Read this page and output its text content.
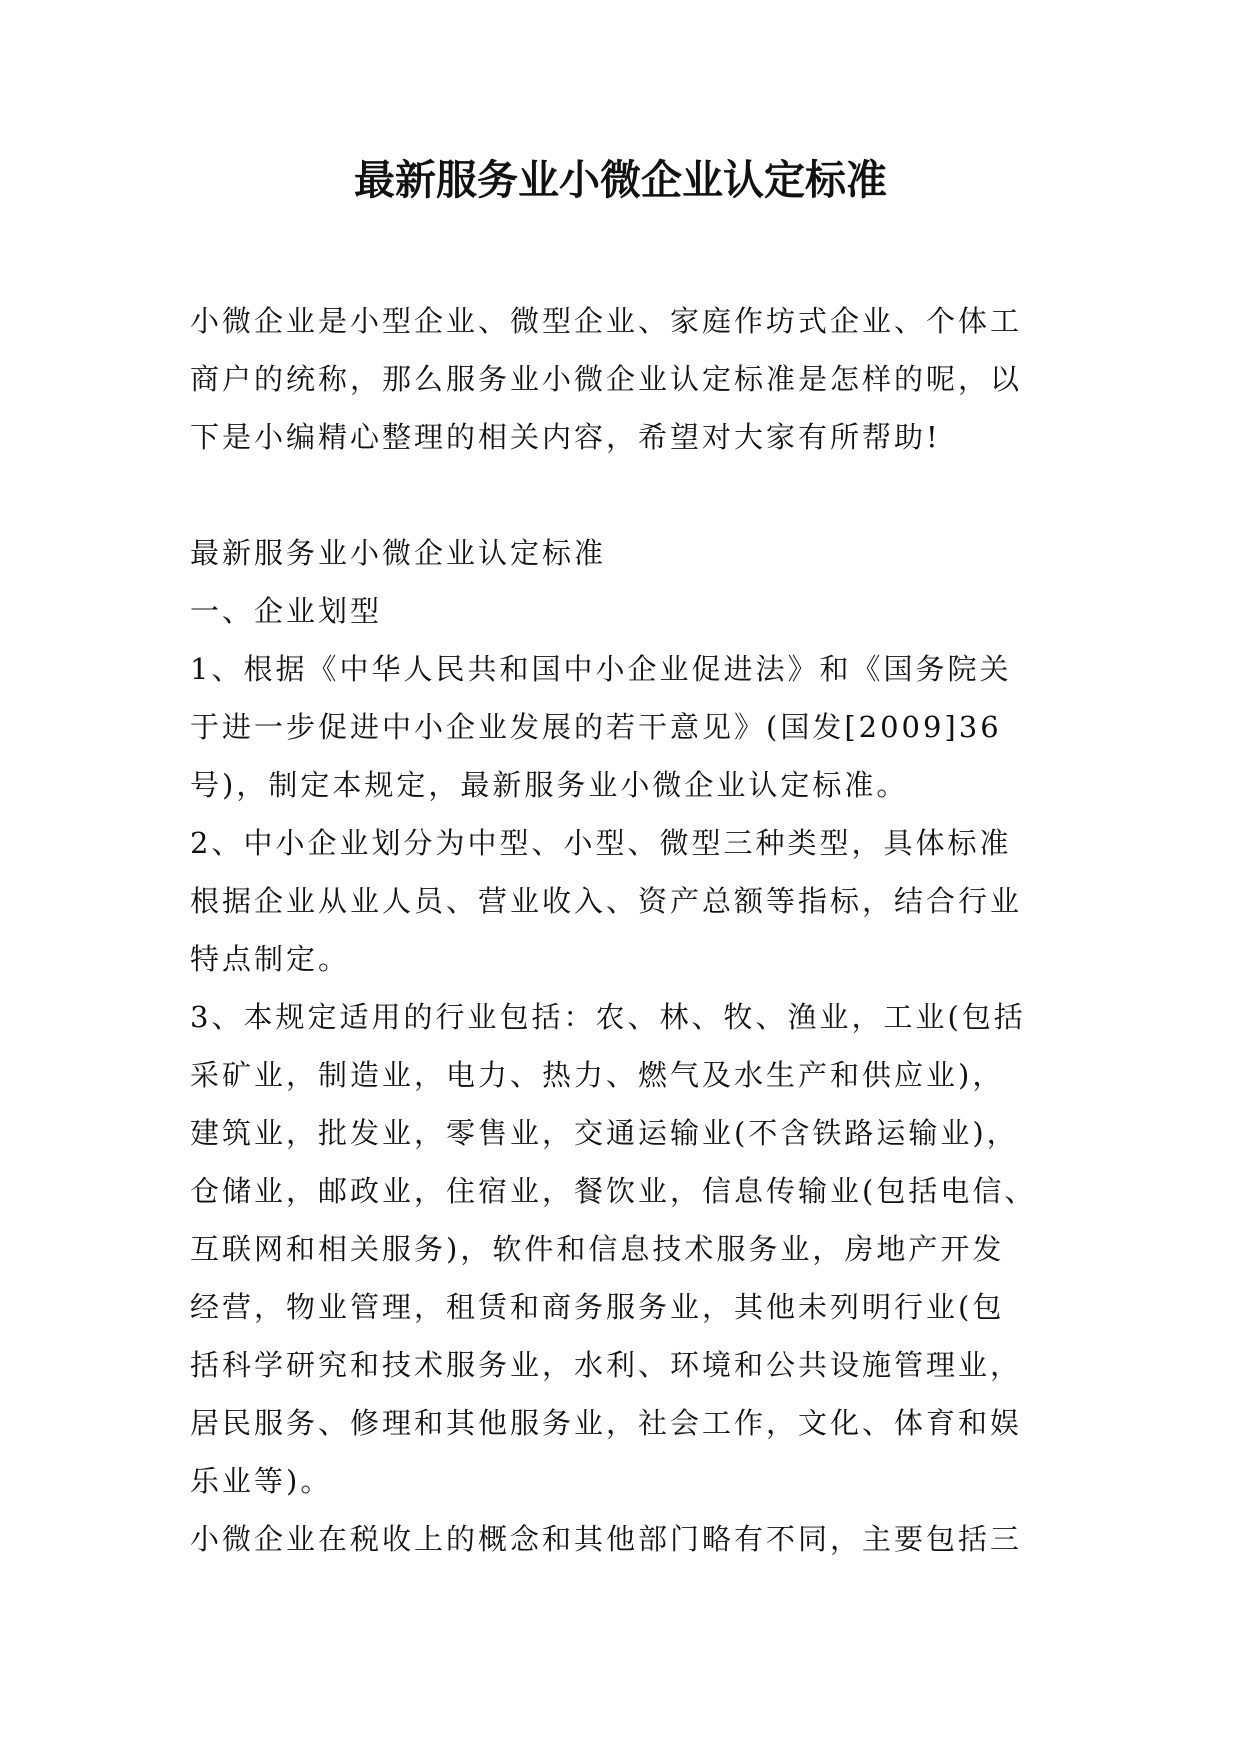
最新服务业小微企业认定标准

小微企业是小型企业、微型企业、家庭作坊式企业、个体工

商户的统称，那么服务业小微企业认定标准是怎样的呢，以

下是小编精心整理的相关内容，希望对大家有所帮助!

最新服务业小微企业认定标准

一、企业划型

1、根据《中华人民共和国中小企业促进法》和《国务院关

于进一步促进中小企业发展的若干意见》(国发[2009]36

号)，制定本规定，最新服务业小微企业认定标准。

2、中小企业划分为中型、小型、微型三种类型，具体标准

根据企业从业人员、营业收入、资产总额等指标，结合行业

特点制定。

3、本规定适用的行业包括：农、林、牧、渔业，工业(包括

采矿业，制造业，电力、热力、燃气及水生产和供应业)，

建筑业，批发业，零售业，交通运输业(不含铁路运输业)，

仓储业，邮政业，住宿业，餐饮业，信息传输业(包括电信、

互联网和相关服务)，软件和信息技术服务业，房地产开发

经营，物业管理，租赁和商务服务业，其他未列明行业(包

括科学研究和技术服务业，水利、环境和公共设施管理业，

居民服务、修理和其他服务业，社会工作，文化、体育和娱

乐业等)。

小微企业在税收上的概念和其他部门略有不同，主要包括三
